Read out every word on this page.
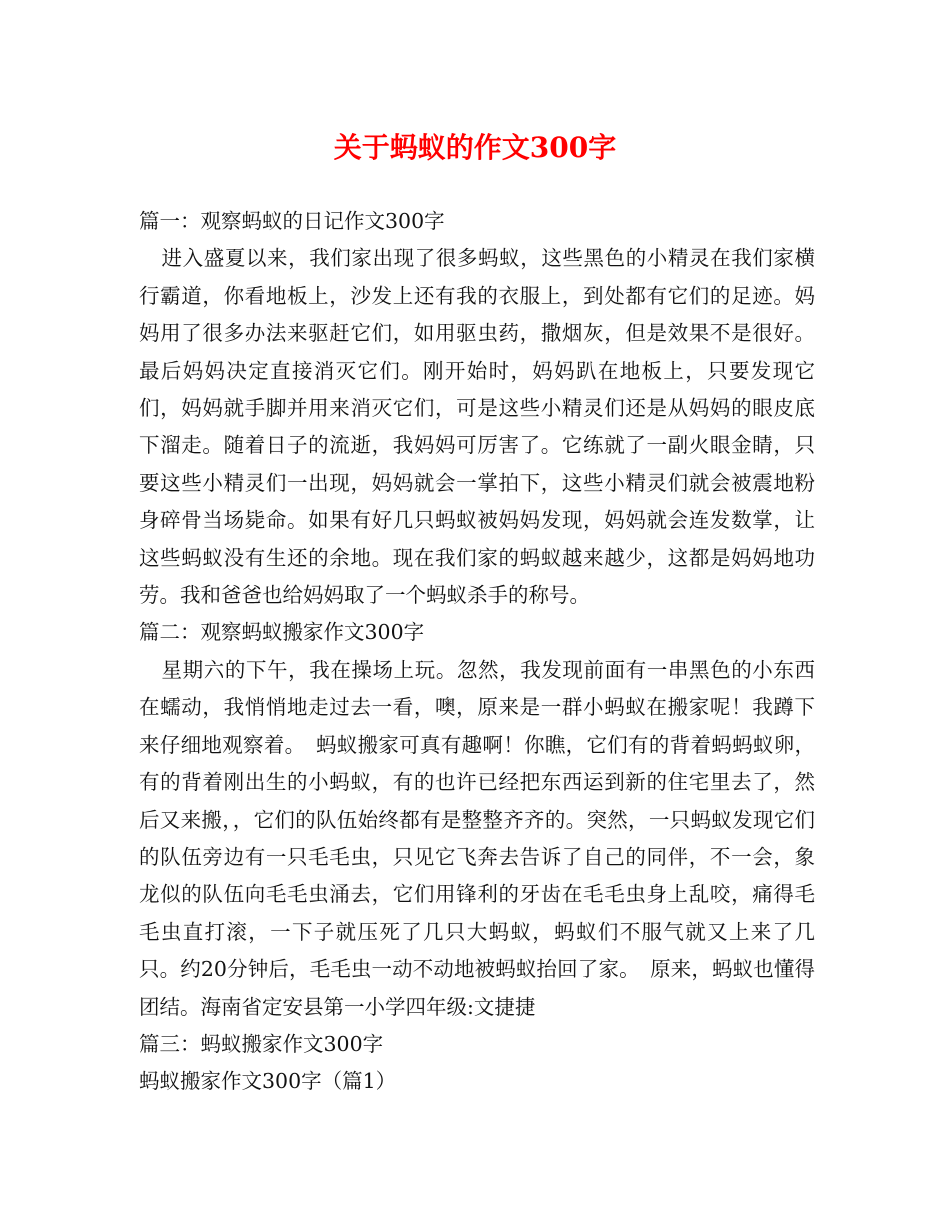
关于蚂蚁的作文300字

篇一：观察蚂蚁的日记作文300字

进入盛夏以来，我们家出现了很多蚂蚁，这些黑色的小精灵在我们家横行霸道，你看地板上，沙发上还有我的衣服上，到处都有它们的足迹。妈妈用了很多办法来驱赶它们，如用驱虫药，撒烟灰，但是效果不是很好。最后妈妈决定直接消灭它们。刚开始时，妈妈趴在地板上，只要发现它们，妈妈就手脚并用来消灭它们，可是这些小精灵们还是从妈妈的眼皮底下溜走。随着日子的流逝，我妈妈可厉害了。它练就了一副火眼金睛，只要这些小精灵们一出现，妈妈就会一掌拍下，这些小精灵们就会被震地粉身碎骨当场毙命。如果有好几只蚂蚁被妈妈发现，妈妈就会连发数掌，让这些蚂蚁没有生还的余地。现在我们家的蚂蚁越来越少，这都是妈妈地功劳。我和爸爸也给妈妈取了一个蚂蚁杀手的称号。

篇二：观察蚂蚁搬家作文300字

星期六的下午，我在操场上玩。忽然，我发现前面有一串黑色的小东西在蠕动，我悄悄地走过去一看，噢，原来是一群小蚂蚁在搬家呢！我蹲下来仔细地观察着。　蚂蚁搬家可真有趣啊！你瞧，它们有的背着蚂蚂蚁卵，有的背着刚出生的小蚂蚁，有的也许已经把东西运到新的住宅里去了，然后又来搬，，它们的队伍始终都有是整整齐齐的。突然，一只蚂蚁发现它们的队伍旁边有一只毛毛虫，只见它飞奔去告诉了自己的同伴，不一会，象龙似的队伍向毛毛虫涌去，它们用锋利的牙齿在毛毛虫身上乱咬，痛得毛毛虫直打滚，一下子就压死了几只大蚂蚁，蚂蚁们不服气就又上来了几只。约20分钟后，毛毛虫一动不动地被蚂蚁抬回了家。　原来，蚂蚁也懂得团结。海南省定安县第一小学四年级:文捷捷

篇三：蚂蚁搬家作文300字

蚂蚁搬家作文300字（篇1）
